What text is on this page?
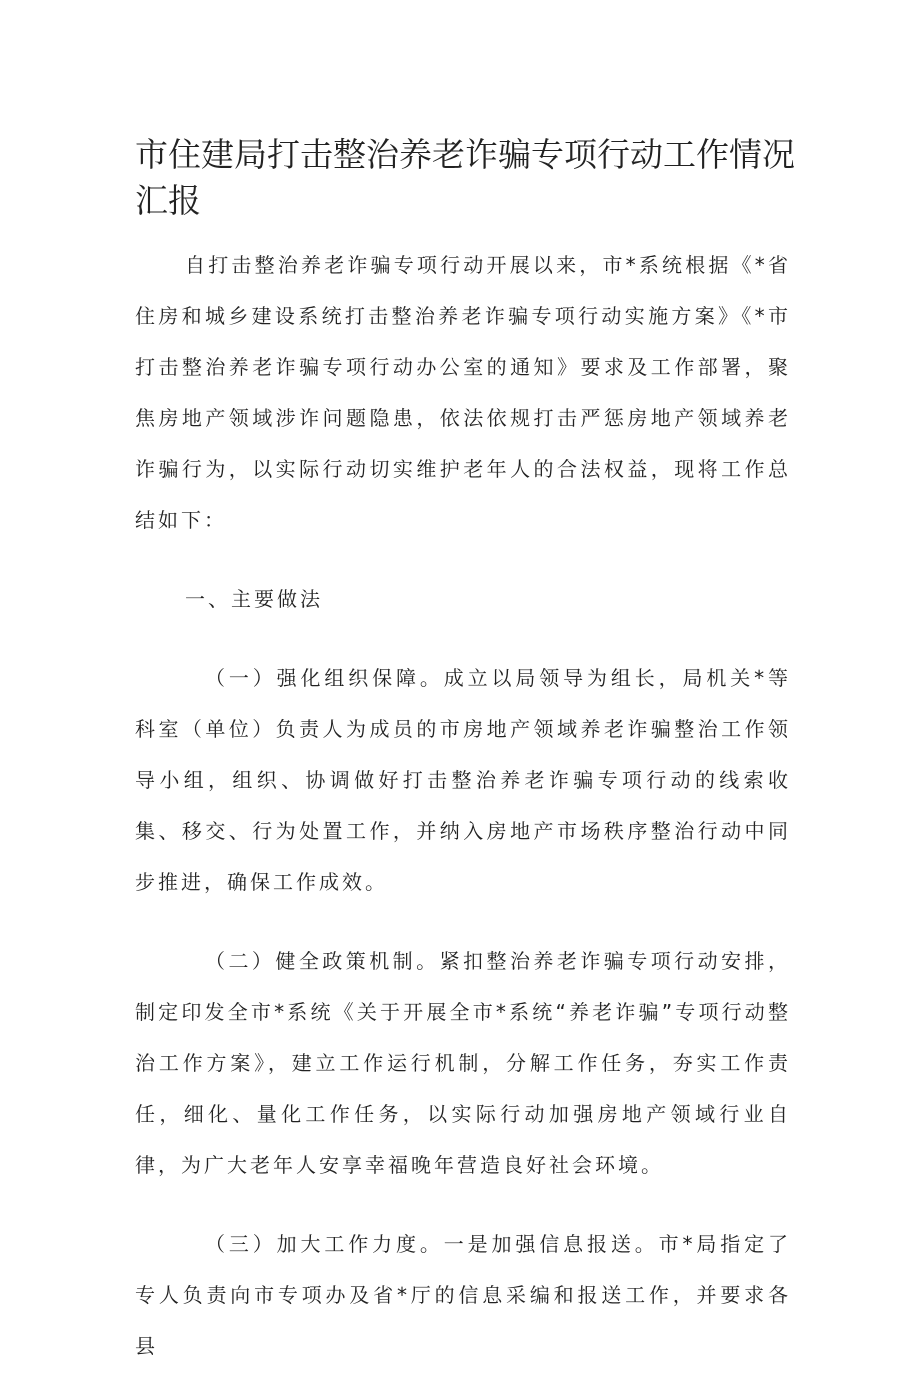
市住建局打击整治养老诈骗专项行动工作情况汇报

自打击整治养老诈骗专项行动开展以来，市*系统根据《*省住房和城乡建设系统打击整治养老诈骗专项行动实施方案》《*市打击整治养老诈骗专项行动办公室的通知》要求及工作部署，聚焦房地产领域涉诈问题隐患，依法依规打击严惩房地产领域养老诈骗行为，以实际行动切实维护老年人的合法权益，现将工作总结如下：

一、主要做法

（一）强化组织保障。成立以局领导为组长，局机关*等科室（单位）负责人为成员的市房地产领域养老诈骗整治工作领导小组，组织、协调做好打击整治养老诈骗专项行动的线索收集、移交、行为处置工作，并纳入房地产市场秩序整治行动中同步推进，确保工作成效。

（二）健全政策机制。紧扣整治养老诈骗专项行动安排，制定印发全市*系统《关于开展全市*系统“养老诈骗”专项行动整治工作方案》，建立工作运行机制，分解工作任务，夯实工作责任，细化、量化工作任务，以实际行动加强房地产领域行业自律，为广大老年人安享幸福晚年营造良好社会环境。

（三）加大工作力度。一是加强信息报送。市*局指定了专人负责向市专项办及省*厅的信息采编和报送工作，并要求各县
